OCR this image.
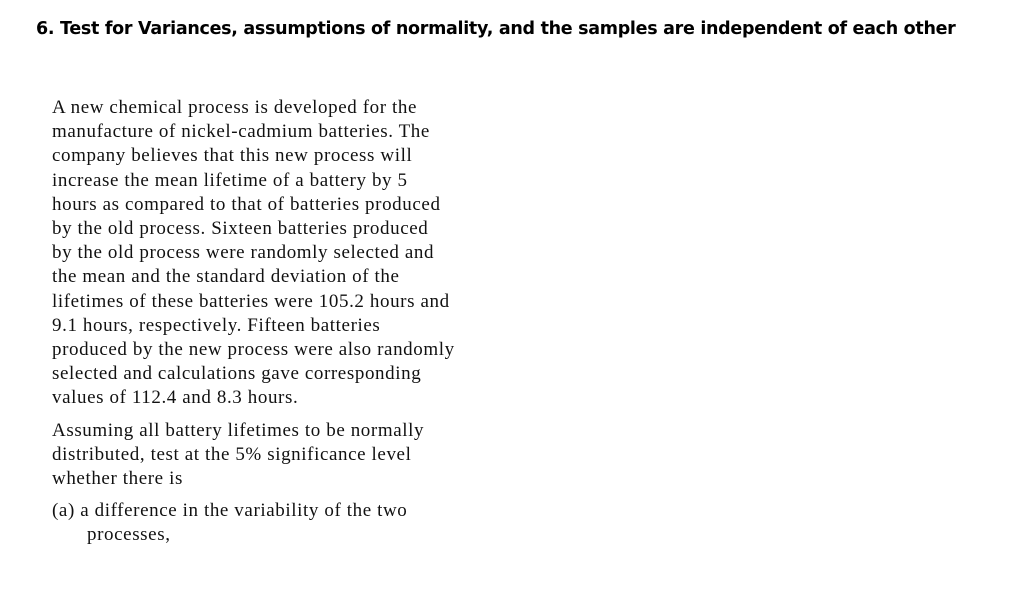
6. Test for Variances, assumptions of normality, and the samples are independent of each other

A new chemical process is developed for the
manufacture of nickel-cadmium batteries. The
company believes that this new process will
increase the mean lifetime of a battery by 5
hours as compared to that of batteries produced
by the old process. Sixteen batteries produced
by the old process were randomly selected and
the mean and the standard deviation of the
lifetimes of these batteries were 105.2 hours and
9.1 hours, respectively. Fifteen batteries
produced by the new process were also randomly
selected and calculations gave corresponding
values of 112.4 and 8.3 hours.

Assuming all battery lifetimes to be normally
distributed, test at the 5% significance level
whether there is

(a) a difference in the variability of the two
processes,
